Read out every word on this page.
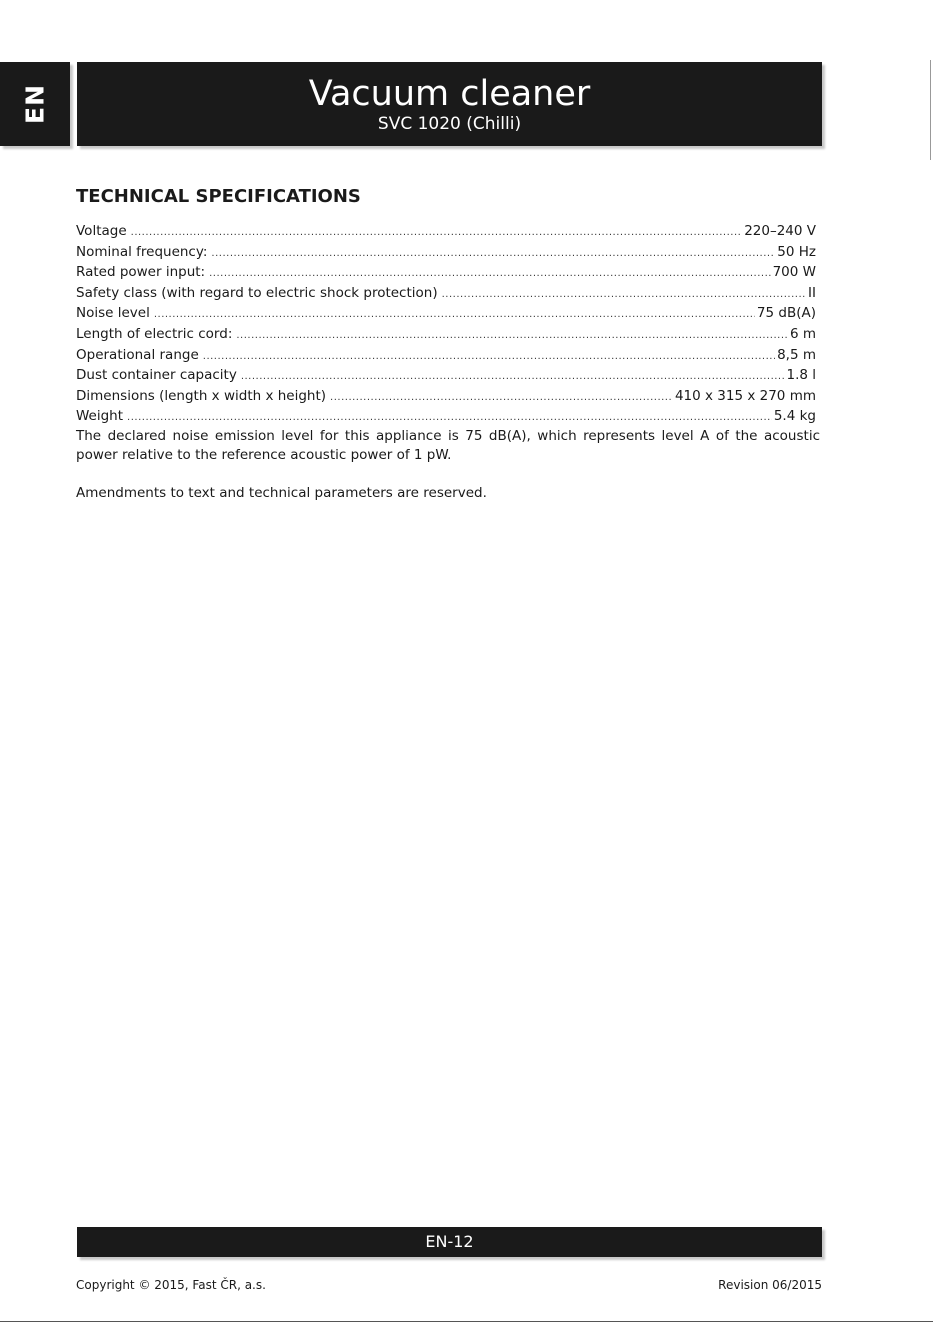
EN	Vacuum cleaner
SVC 1020 (Chilli)
TECHNICAL SPECIFICATIONS
Voltage .....	220–240 V
Nominal frequency: .....	50 Hz
Rated power input: .....	700 W
Safety class (with regard to electric shock protection) .....	II
Noise level .....	75 dB(A)
Length of electric cord: .....	6 m
Operational range .....	8,5 m
Dust container capacity .....	1.8 l
Dimensions (length x width x height) .....	410 x 315 x 270 mm
Weight .....	5.4 kg

The declared noise emission level for this appliance is 75 dB(A), which represents level A of the acoustic power relative to the reference acoustic power of 1 pW.

Amendments to text and technical parameters are reserved.

EN-12
Copyright © 2015, Fast ČR, a.s.	Revision 06/2015
